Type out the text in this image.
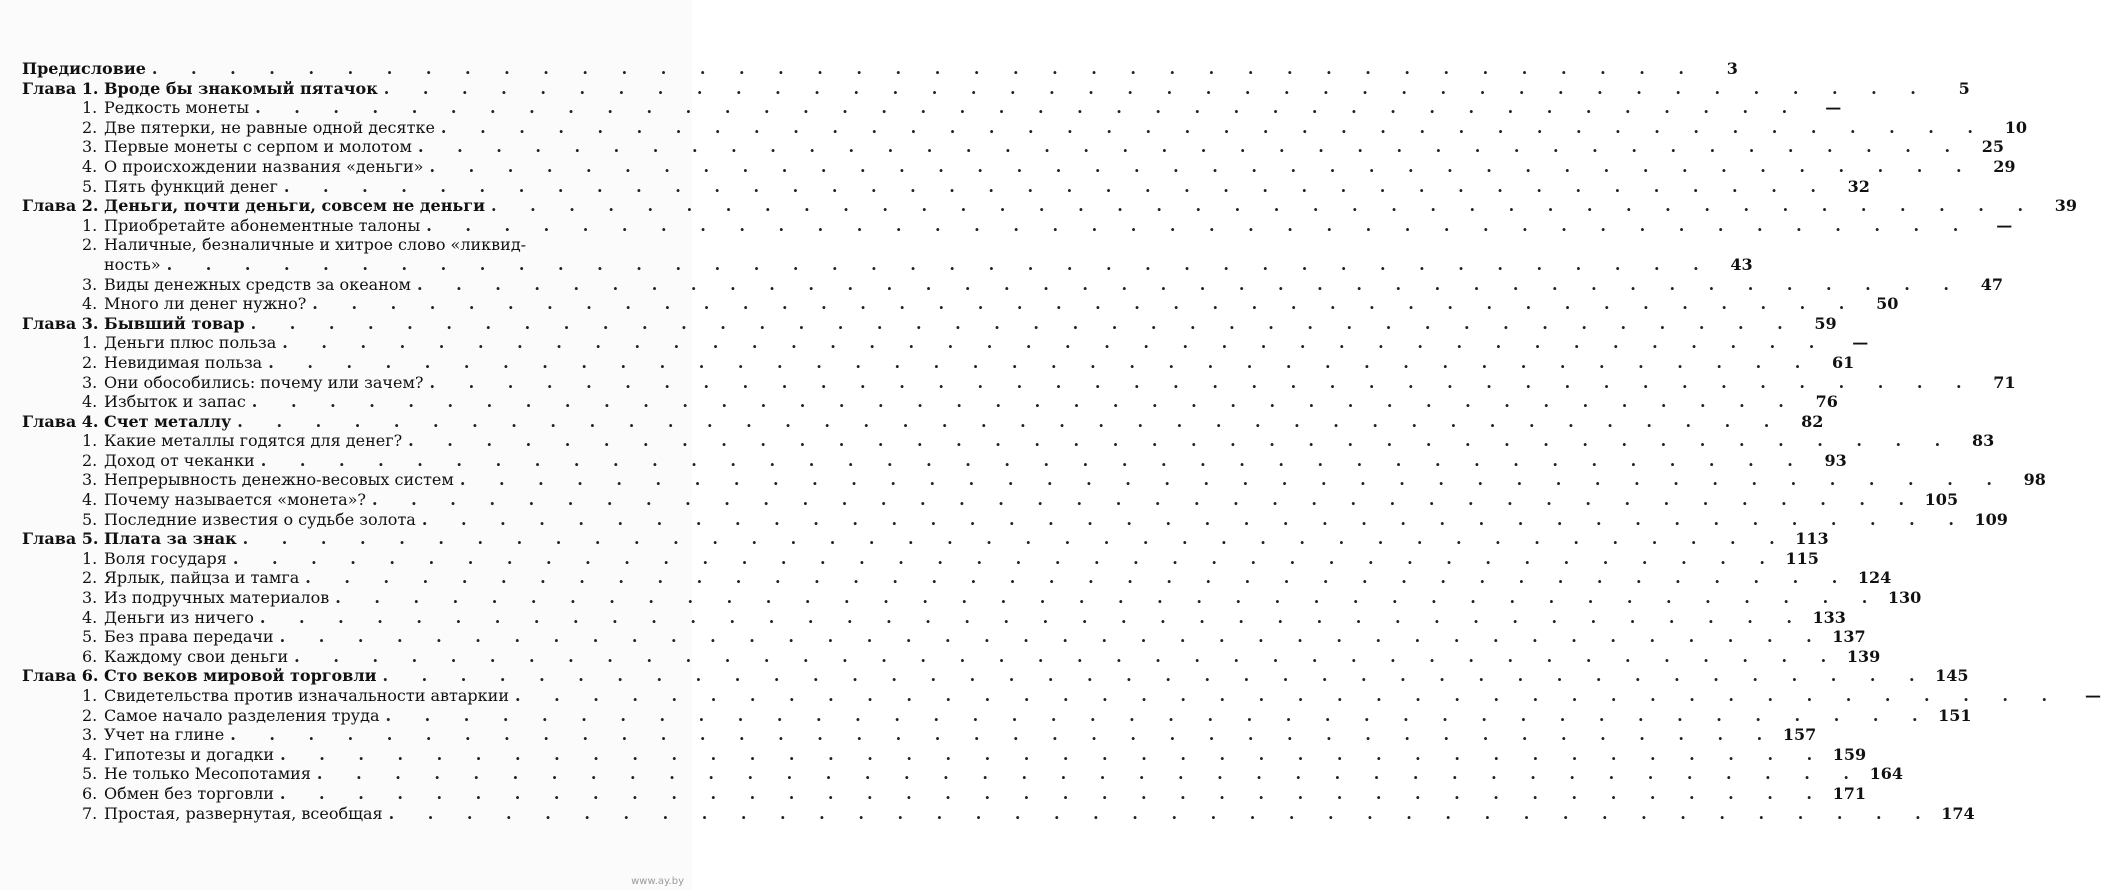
Предисловие . . . . . . . . . . . . . . . . . . . . . . . . . . . . . . . . . . . . . . . .	3
Глава 1. Вроде бы знакомый пятачок . . . . . . . . . . . . . . . . . . . . . . . . . . . . . . . . . . . . . . . .	5
1. Редкость монеты . . . . . . . . . . . . . . . . . . . . . . . . . . . . . . . . . . . . . . . .	—
2. Две пятерки, не равные одной десятке . . . . . . . . . . . . . . . . . . . . . . . . . . . . . . . . . . . . . . . .	10
3. Первые монеты с серпом и молотом . . . . . . . . . . . . . . . . . . . . . . . . . . . . . . . . . . . . . . . .	25
4. О происхождении названия «деньги» . . . . . . . . . . . . . . . . . . . . . . . . . . . . . . . . . . . . . . . .	29
5. Пять функций денег . . . . . . . . . . . . . . . . . . . . . . . . . . . . . . . . . . . . . . . .	32
Глава 2. Деньги, почти деньги, совсем не деньги . . . . . . . . . . . . . . . . . . . . . . . . . . . . . . . . . . . . . . . .	39
1. Приобретайте абонементные талоны . . . . . . . . . . . . . . . . . . . . . . . . . . . . . . . . . . . . . . . .	—
2. Наличные, безналичные и хитрое слово «ликвид-
ность» . . . . . . . . . . . . . . . . . . . . . . . . . . . . . . . . . . . . . . . .	43
3. Виды денежных средств за океаном . . . . . . . . . . . . . . . . . . . . . . . . . . . . . . . . . . . . . . . .	47
4. Много ли денег нужно? . . . . . . . . . . . . . . . . . . . . . . . . . . . . . . . . . . . . . . . .	50
Глава 3. Бывший товар . . . . . . . . . . . . . . . . . . . . . . . . . . . . . . . . . . . . . . . .	59
1. Деньги плюс польза . . . . . . . . . . . . . . . . . . . . . . . . . . . . . . . . . . . . . . . .	—
2. Невидимая польза . . . . . . . . . . . . . . . . . . . . . . . . . . . . . . . . . . . . . . . .	61
3. Они обособились: почему или зачем? . . . . . . . . . . . . . . . . . . . . . . . . . . . . . . . . . . . . . . . .	71
4. Избыток и запас . . . . . . . . . . . . . . . . . . . . . . . . . . . . . . . . . . . . . . . .	76
Глава 4. Счет металлу . . . . . . . . . . . . . . . . . . . . . . . . . . . . . . . . . . . . . . . .	82
1. Какие металлы годятся для денег? . . . . . . . . . . . . . . . . . . . . . . . . . . . . . . . . . . . . . . . .	83
2. Доход от чеканки . . . . . . . . . . . . . . . . . . . . . . . . . . . . . . . . . . . . . . . .	93
3. Непрерывность денежно-весовых систем . . . . . . . . . . . . . . . . . . . . . . . . . . . . . . . . . . . . . . . .	98
4. Почему называется «монета»? . . . . . . . . . . . . . . . . . . . . . . . . . . . . . . . . . . . . . . . . 105
5. Последние известия о судьбе золота . . . . . . . . . . . . . . . . . . . . . . . . . . . . . . . . . . . . . . . . 109
Глава 5. Плата за знак . . . . . . . . . . . . . . . . . . . . . . . . . . . . . . . . . . . . . . . . 113
1. Воля государя . . . . . . . . . . . . . . . . . . . . . . . . . . . . . . . . . . . . . . . . 115
2. Ярлык, пайцза и тамга . . . . . . . . . . . . . . . . . . . . . . . . . . . . . . . . . . . . . . . . 124
3. Из подручных материалов . . . . . . . . . . . . . . . . . . . . . . . . . . . . . . . . . . . . . . . . 130
4. Деньги из ничего . . . . . . . . . . . . . . . . . . . . . . . . . . . . . . . . . . . . . . . . 133
5. Без права передачи . . . . . . . . . . . . . . . . . . . . . . . . . . . . . . . . . . . . . . . . 137
6. Каждому свои деньги . . . . . . . . . . . . . . . . . . . . . . . . . . . . . . . . . . . . . . . . 139
Глава 6. Сто веков мировой торговли . . . . . . . . . . . . . . . . . . . . . . . . . . . . . . . . . . . . . . . . 145
1. Свидетельства против изначальности автаркии . . . . . . . . . . . . . . . . . . . . . . . . . . . . . . . . . . . . . . . .	—
2. Самое начало разделения труда . . . . . . . . . . . . . . . . . . . . . . . . . . . . . . . . . . . . . . . . 151
3. Учет на глине . . . . . . . . . . . . . . . . . . . . . . . . . . . . . . . . . . . . . . . . 157
4. Гипотезы и догадки . . . . . . . . . . . . . . . . . . . . . . . . . . . . . . . . . . . . . . . . 159
5. Не только Месопотамия . . . . . . . . . . . . . . . . . . . . . . . . . . . . . . . . . . . . . . . . 164
6. Обмен без торговли . . . . . . . . . . . . . . . . . . . . . . . . . . . . . . . . . . . . . . . . 171
7. Простая, развернутая, всеобщая . . . . . . . . . . . . . . . . . . . . . . . . . . . . . . . . . . . . . . . . 174
www.ay.by
